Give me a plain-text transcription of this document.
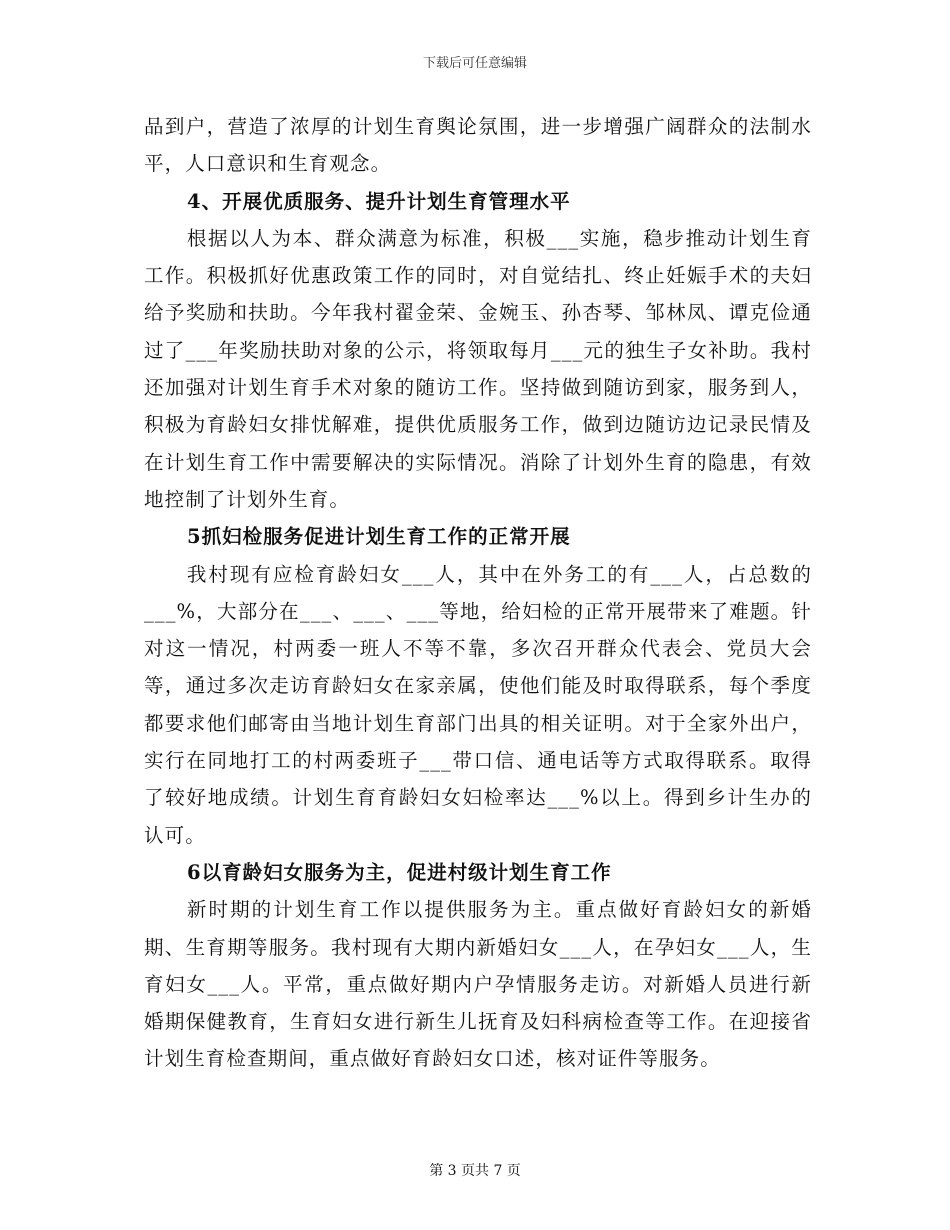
下载后可任意编辑

品到户，营造了浓厚的计划生育舆论氛围，进一步增强广阔群众的法制水平，人口意识和生育观念。

4、开展优质服务、提升计划生育管理水平

根据以人为本、群众满意为标准，积极___实施，稳步推动计划生育工作。积极抓好优惠政策工作的同时，对自觉结扎、终止妊娠手术的夫妇给予奖励和扶助。今年我村翟金荣、金婉玉、孙杏琴、邹林凤、谭克俭通过了___年奖励扶助对象的公示，将领取每月___元的独生子女补助。我村还加强对计划生育手术对象的随访工作。坚持做到随访到家，服务到人，积极为育龄妇女排忧解难，提供优质服务工作，做到边随访边记录民情及在计划生育工作中需要解决的实际情况。消除了计划外生育的隐患，有效地控制了计划外生育。

5抓妇检服务促进计划生育工作的正常开展

我村现有应检育龄妇女___人，其中在外务工的有___人，占总数的___%，大部分在___、___、___等地，给妇检的正常开展带来了难题。针对这一情况，村两委一班人不等不靠，多次召开群众代表会、党员大会等，通过多次走访育龄妇女在家亲属，使他们能及时取得联系，每个季度都要求他们邮寄由当地计划生育部门出具的相关证明。对于全家外出户，实行在同地打工的村两委班子___带口信、通电话等方式取得联系。取得了较好地成绩。计划生育育龄妇女妇检率达___%以上。得到乡计生办的认可。

6以育龄妇女服务为主，促进村级计划生育工作

新时期的计划生育工作以提供服务为主。重点做好育龄妇女的新婚期、生育期等服务。我村现有大期内新婚妇女___人，在孕妇女___人，生育妇女___人。平常，重点做好期内户孕情服务走访。对新婚人员进行新婚期保健教育，生育妇女进行新生儿抚育及妇科病检查等工作。在迎接省计划生育检查期间，重点做好育龄妇女口述，核对证件等服务。

第 3 页共 7 页
